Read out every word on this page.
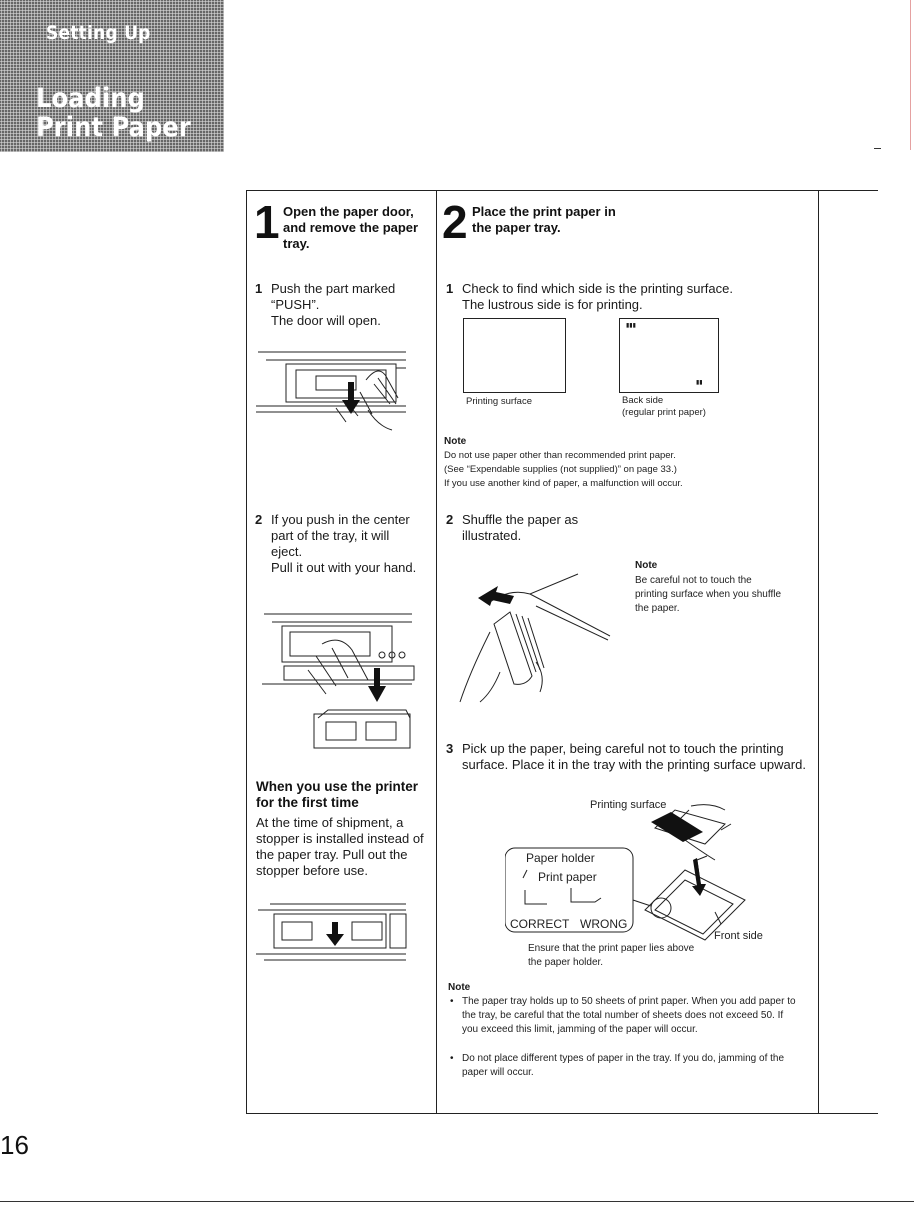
Setting Up
Loading Print Paper
1 Open the paper door, and remove the paper tray.
1 Push the part marked “PUSH”.
The door will open.

2 If you push in the center part of the tray, it will eject.
Pull it out with your hand.

When you use the printer for the first time

At the time of shipment, a stopper is installed instead of the paper tray. Pull out the stopper before use.

2 Place the print paper in the paper tray.
1 Check to find which side is the printing surface.
The lustrous side is for printing.

▮▮▮
▮▮
Printing surface	Back side
(regular print paper)
Note
Do not use paper other than recommended print paper.
(See “Expendable supplies (not supplied)” on page 33.)
If you use another kind of paper, a malfunction will occur.
2 Shuffle the paper as
illustrated.

Note

Be careful not to touch the printing surface when you shuffle the paper.

3 Pick up the paper, being careful not to touch the printing surface. Place it in the tray with the printing surface upward.

Printing surface
Paper holder
Print paper
CORRECT WRONG
Front side

Ensure that the print paper lies above the paper holder.

Note
• The paper tray holds up to 50 sheets of print paper. When you add paper to the tray, be careful that the total number of sheets does not exceed 50. If you exceed this limit, jamming of the paper will occur.

• Do not place different types of paper in the tray. If you do, jamming of the paper will occur.

16
